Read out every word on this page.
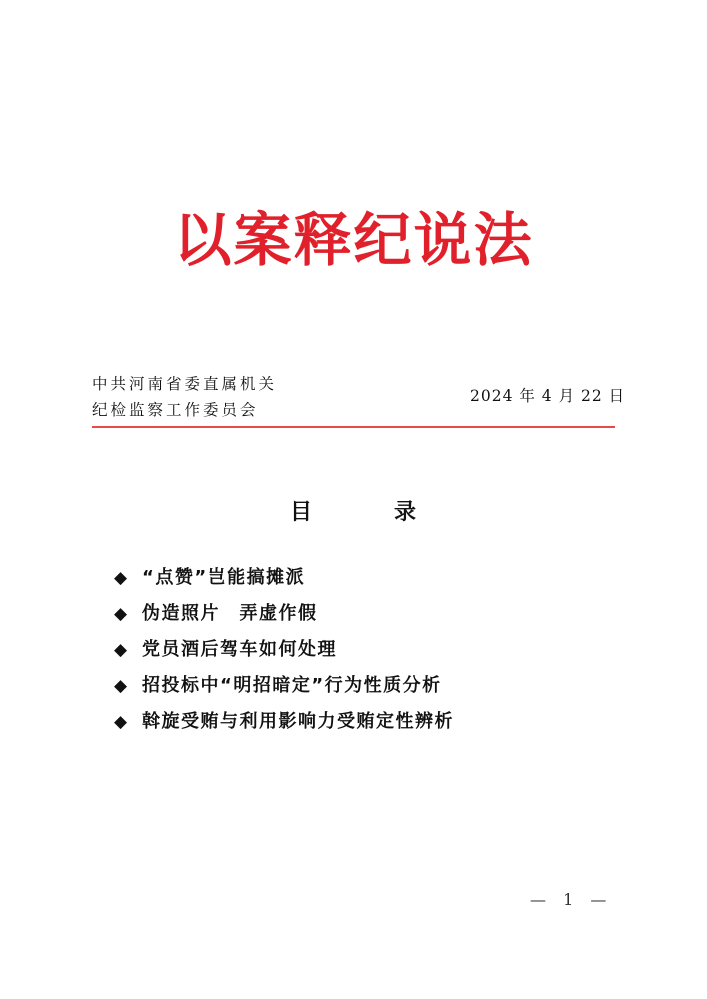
以案释纪说法
中共河南省委直属机关
纪检监察工作委员会
2024 年 4 月 22 日
目	录
◆ “点赞”岂能搞摊派
◆ 伪造照片　弄虚作假
◆ 党员酒后驾车如何处理
◆ 招投标中“明招暗定”行为性质分析
◆ 斡旋受贿与利用影响力受贿定性辨析
— 1 —
